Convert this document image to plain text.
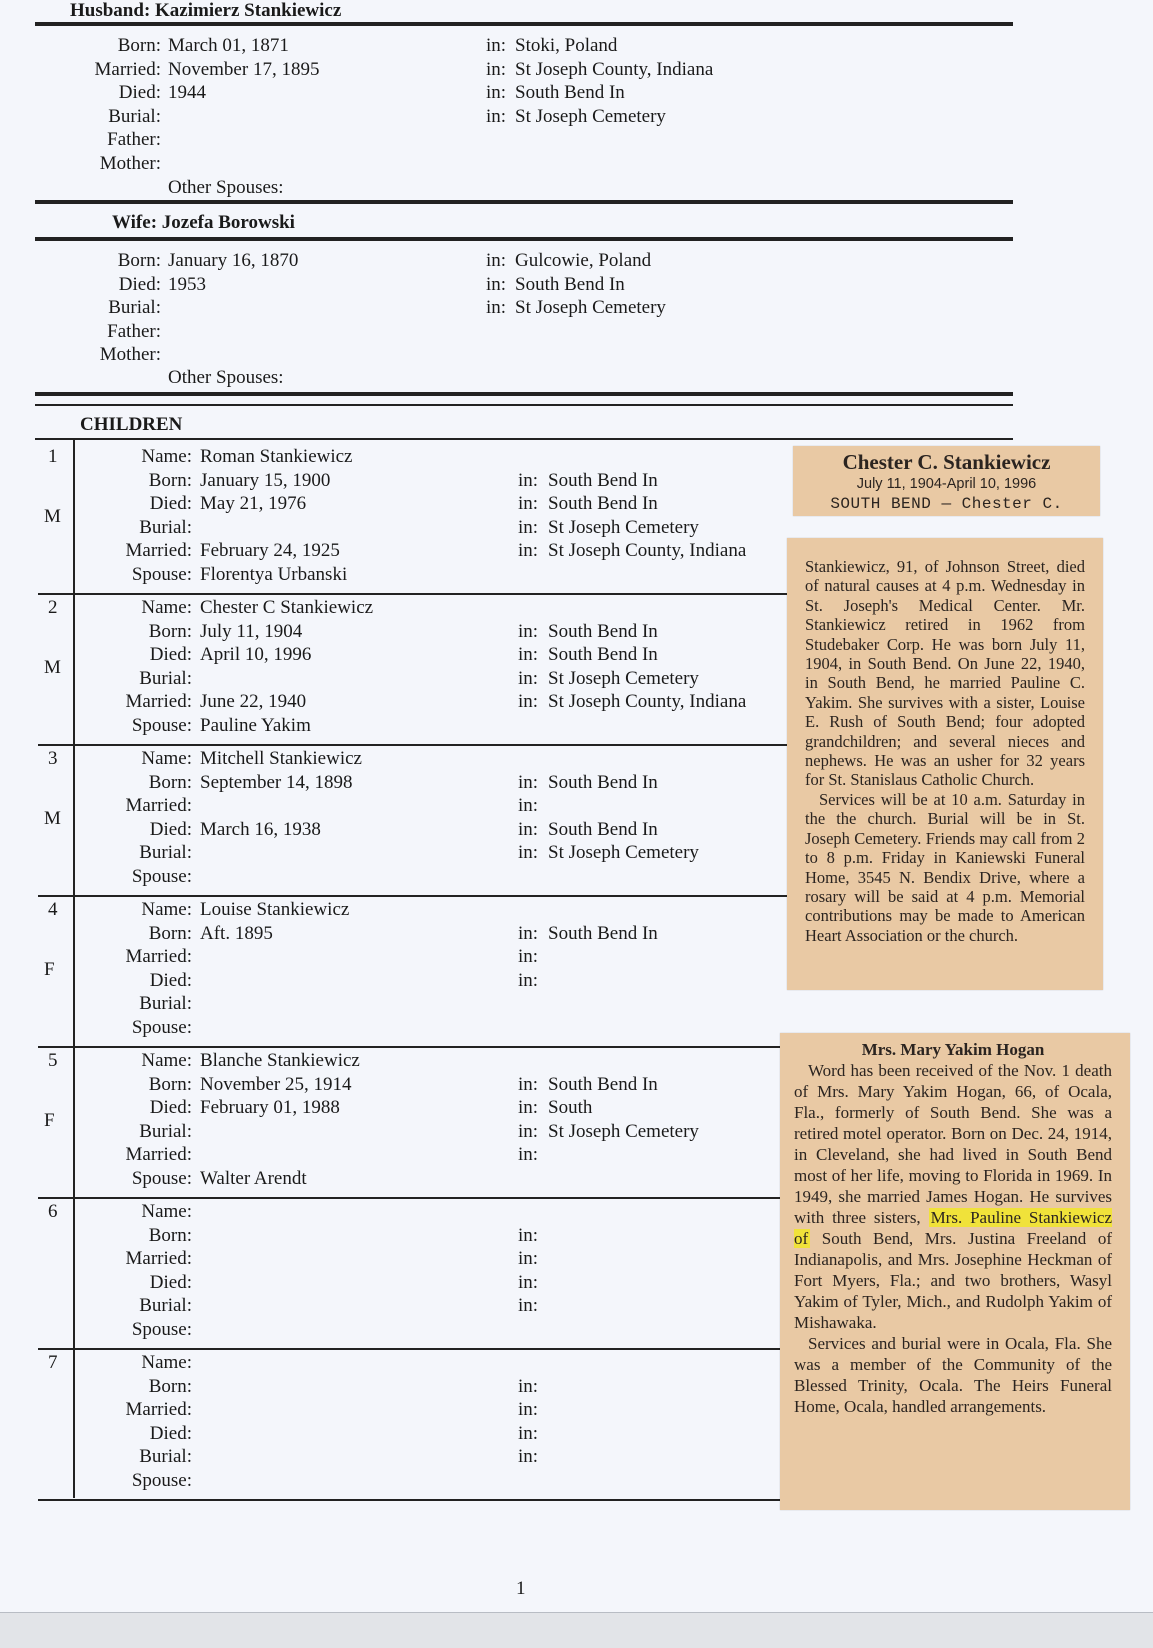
Husband: Kazimierz Stankiewicz
Born: March 01, 1871	in: Stoki, Poland
Married: November 17, 1895	in: St Joseph County, Indiana
Died: 1944	in: South Bend In
Burial:	in: St Joseph Cemetery
Father:
Mother:
Other Spouses:
Wife: Jozefa Borowski
Born: January 16, 1870	in: Gulcowie, Poland
Died: 1953	in: South Bend In
Burial:	in: St Joseph Cemetery
Father:
Mother:
Other Spouses:
CHILDREN
1
M
Name: Roman Stankiewicz
Born: January 15, 1900	in: South Bend In
Died: May 21, 1976	in: South Bend In
Burial:	in: St Joseph Cemetery
Married: February 24, 1925	in: St Joseph County, Indiana
Spouse: Florentya Urbanski
2
M
Name: Chester C Stankiewicz
Born: July 11, 1904	in: South Bend In
Died: April 10, 1996	in: South Bend In
Burial:	in: St Joseph Cemetery
Married: June 22, 1940	in: St Joseph County, Indiana
Spouse: Pauline Yakim
3
M
Name: Mitchell Stankiewicz
Born: September 14, 1898	in: South Bend In
Married:	in:
Died: March 16, 1938	in: South Bend In
Burial:	in: St Joseph Cemetery
Spouse:
4
F
Name: Louise Stankiewicz
Born: Aft. 1895	in: South Bend In
Married:	in:
Died:	in:
Burial:
Spouse:
5
F
Name: Blanche Stankiewicz
Born: November 25, 1914	in: South Bend In
Died: February 01, 1988	in: South
Burial:	in: St Joseph Cemetery
Married:	in:
Spouse: Walter Arendt
6	Name:
Born:	in:
Married:	in:
Died:	in:
Burial:	in:
Spouse:
7	Name:
Born:	in:
Married:	in:
Died:	in:
Burial:	in:
Spouse:
Chester C. Stankiewicz
July 11, 1904-April 10, 1996
SOUTH BEND — Chester C.

Stankiewicz, 91, of Johnson Street, died of natural causes at 4 p.m. Wednesday in St. Joseph's Medical Center. Mr. Stankiewicz retired in 1962 from Studebaker Corp. He was born July 11, 1904, in South Bend. On June 22, 1940, in South Bend, he married Pauline C. Yakim. She survives with a sister, Louise E. Rush of South Bend; four adopted grandchildren; and several nieces and nephews. He was an usher for 32 years for St. Stanislaus Catholic Church.

Services will be at 10 a.m. Saturday in the the church. Burial will be in St. Joseph Cemetery. Friends may call from 2 to 8 p.m. Friday in Kaniewski Funeral Home, 3545 N. Bendix Drive, where a rosary will be said at 4 p.m. Memorial contributions may be made to American Heart Association or the church.

Mrs. Mary Yakim Hogan

Word has been received of the Nov. 1 death of Mrs. Mary Yakim Hogan, 66, of Ocala, Fla., formerly of South Bend. She was a retired motel operator. Born on Dec. 24, 1914, in Cleveland, she had lived in South Bend most of her life, moving to Florida in 1969. In 1949, she married James Hogan. He survives with three sisters, Mrs. Pauline Stankiewicz of South Bend, Mrs. Justina Freeland of Indianapolis, and Mrs. Josephine Heckman of Fort Myers, Fla.; and two brothers, Wasyl Yakim of Tyler, Mich., and Rudolph Yakim of Mishawaka.

Services and burial were in Ocala, Fla. She was a member of the Community of the Blessed Trinity, Ocala. The Heirs Funeral Home, Ocala, handled arrangements.

1
